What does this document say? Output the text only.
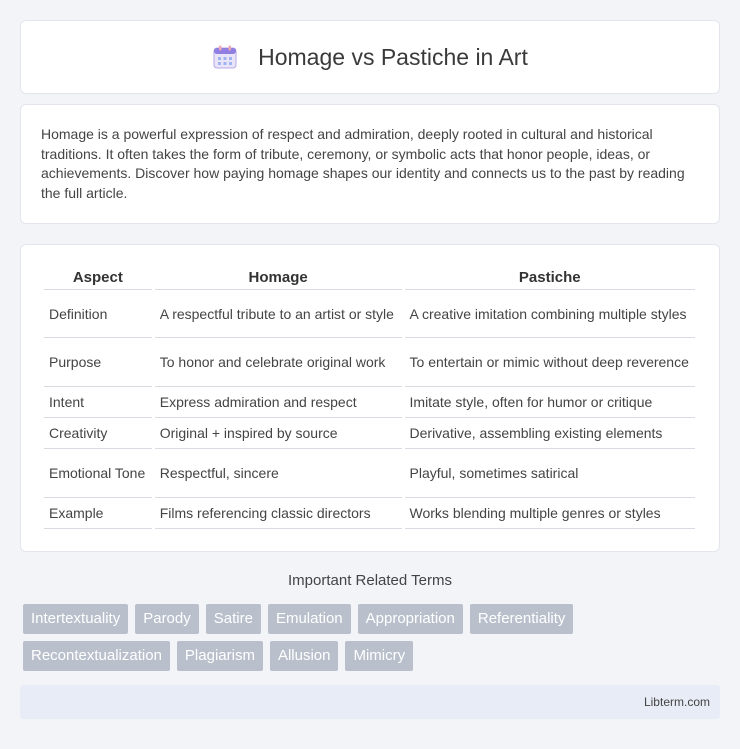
Homage vs Pastiche in Art

Homage is a powerful expression of respect and admiration, deeply rooted in cultural and historical traditions. It often takes the form of tribute, ceremony, or symbolic acts that honor people, ideas, or achievements. Discover how paying homage shapes our identity and connects us to the past by reading the full article.

Aspect	Homage	Pastiche
Definition	A respectful tribute to an artist or style	A creative imitation combining multiple styles
Purpose	To honor and celebrate original work	To entertain or mimic without deep reverence
Intent	Express admiration and respect	Imitate style, often for humor or critique
Creativity	Original + inspired by source	Derivative, assembling existing elements
Emotional Tone	Respectful, sincere	Playful, sometimes satirical
Example	Films referencing classic directors	Works blending multiple genres or styles
Important Related Terms
Intertextuality	Parody	Satire	Emulation	Appropriation	Referentiality
Recontextualization	Plagiarism	Allusion	Mimicry
Libterm.com
